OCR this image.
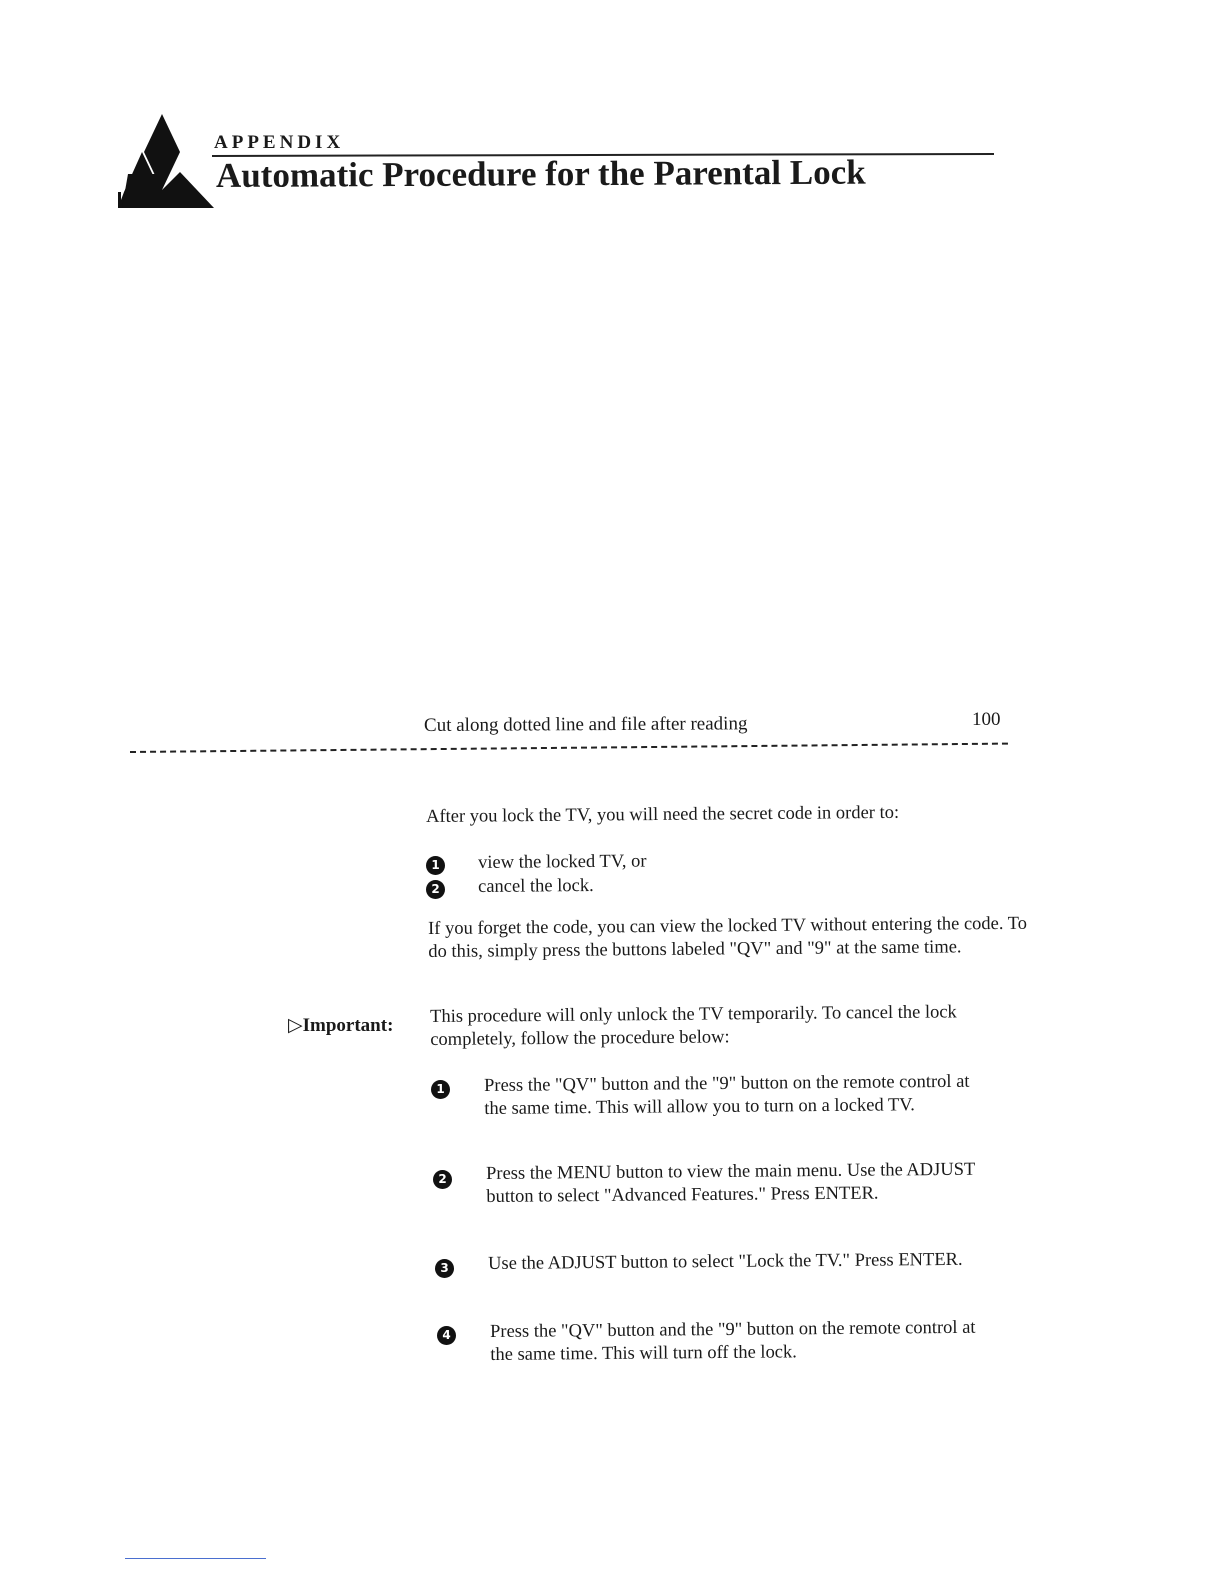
APPENDIX
Automatic Procedure for the Parental Lock
Cut along dotted line and file after reading	100
After you lock the TV, you will need the secret code in order to:
1 view the locked TV, or
2 cancel the lock.
If you forget the code, you can view the locked TV without entering the code. To do this, simply press the buttons labeled "QV" and "9" at the same time.
▷Important: This procedure will only unlock the TV temporarily. To cancel the lock completely, follow the procedure below:
1 Press the "QV" button and the "9" button on the remote control at the same time. This will allow you to turn on a locked TV.
2 Press the MENU button to view the main menu. Use the ADJUST button to select "Advanced Features." Press ENTER.
3 Use the ADJUST button to select "Lock the TV." Press ENTER.
4 Press the "QV" button and the "9" button on the remote control at the same time. This will turn off the lock.
